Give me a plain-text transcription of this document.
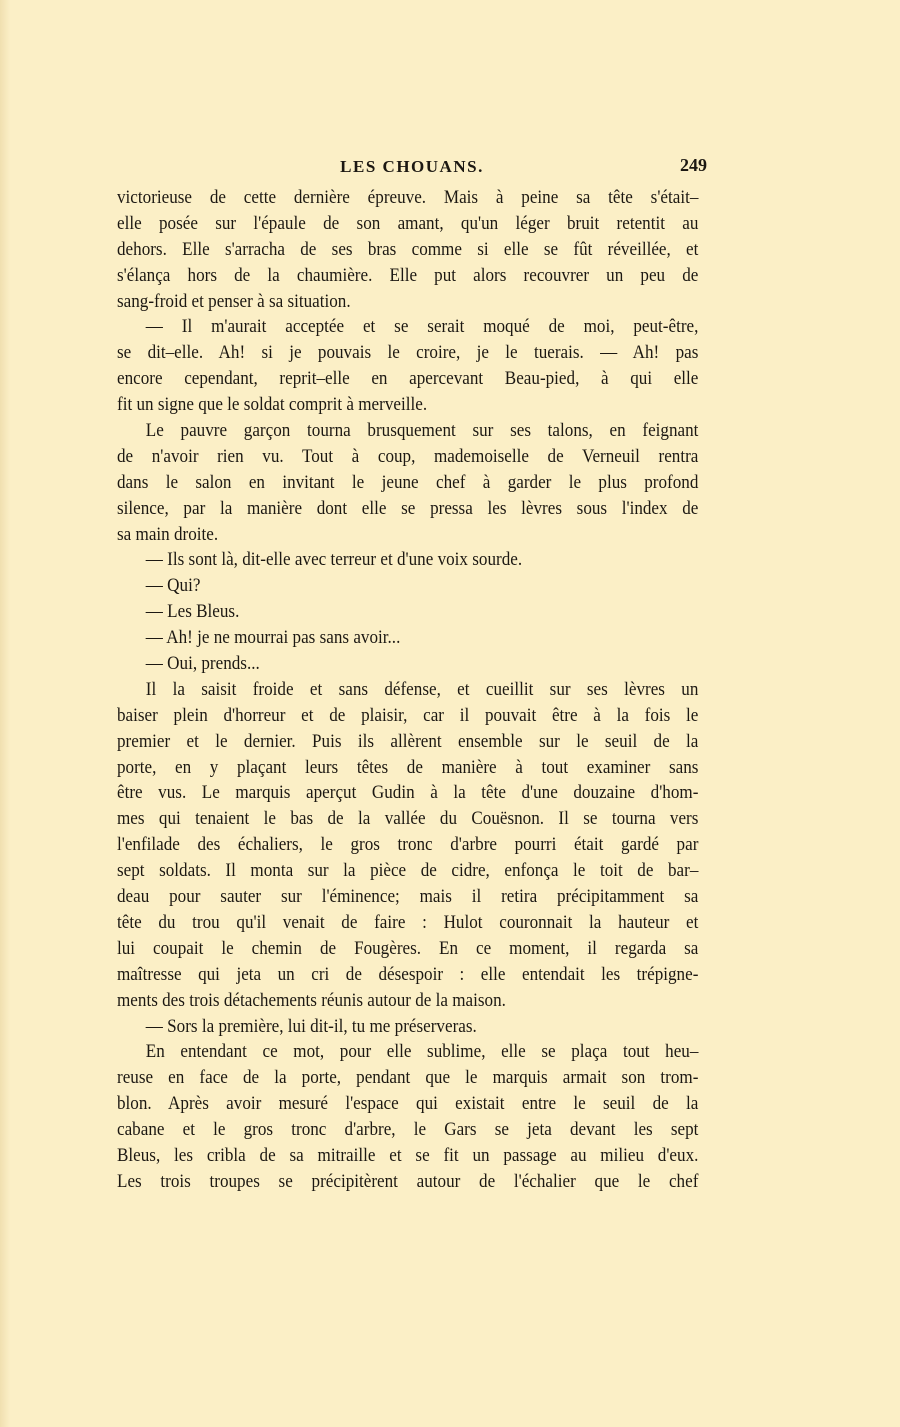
LES CHOUANS.	249
victorieuse de cette dernière épreuve. Mais à peine sa tête s'était–
elle posée sur l'épaule de son amant, qu'un léger bruit retentit au
dehors. Elle s'arracha de ses bras comme si elle se fût réveillée, et
s'élança hors de la chaumière. Elle put alors recouvrer un peu de
sang-froid et penser à sa situation.
— Il m'aurait acceptée et se serait moqué de moi, peut-être,
se dit–elle. Ah! si je pouvais le croire, je le tuerais. — Ah! pas
encore cependant, reprit–elle en apercevant Beau-pied, à qui elle
fit un signe que le soldat comprit à merveille.
Le pauvre garçon tourna brusquement sur ses talons, en feignant
de n'avoir rien vu. Tout à coup, mademoiselle de Verneuil rentra
dans le salon en invitant le jeune chef à garder le plus profond
silence, par la manière dont elle se pressa les lèvres sous l'index de
sa main droite.
— Ils sont là, dit-elle avec terreur et d'une voix sourde.
— Qui?
— Les Bleus.
— Ah! je ne mourrai pas sans avoir...
— Oui, prends...
Il la saisit froide et sans défense, et cueillit sur ses lèvres un
baiser plein d'horreur et de plaisir, car il pouvait être à la fois le
premier et le dernier. Puis ils allèrent ensemble sur le seuil de la
porte, en y plaçant leurs têtes de manière à tout examiner sans
être vus. Le marquis aperçut Gudin à la tête d'une douzaine d'hom-
mes qui tenaient le bas de la vallée du Couësnon. Il se tourna vers
l'enfilade des échaliers, le gros tronc d'arbre pourri était gardé par
sept soldats. Il monta sur la pièce de cidre, enfonça le toit de bar–
deau pour sauter sur l'éminence; mais il retira précipitamment sa
tête du trou qu'il venait de faire : Hulot couronnait la hauteur et
lui coupait le chemin de Fougères. En ce moment, il regarda sa
maîtresse qui jeta un cri de désespoir : elle entendait les trépigne-
ments des trois détachements réunis autour de la maison.
— Sors la première, lui dit-il, tu me préserveras.
En entendant ce mot, pour elle sublime, elle se plaça tout heu–
reuse en face de la porte, pendant que le marquis armait son trom-
blon. Après avoir mesuré l'espace qui existait entre le seuil de la
cabane et le gros tronc d'arbre, le Gars se jeta devant les sept
Bleus, les cribla de sa mitraille et se fit un passage au milieu d'eux.
Les trois troupes se précipitèrent autour de l'échalier que le chef
